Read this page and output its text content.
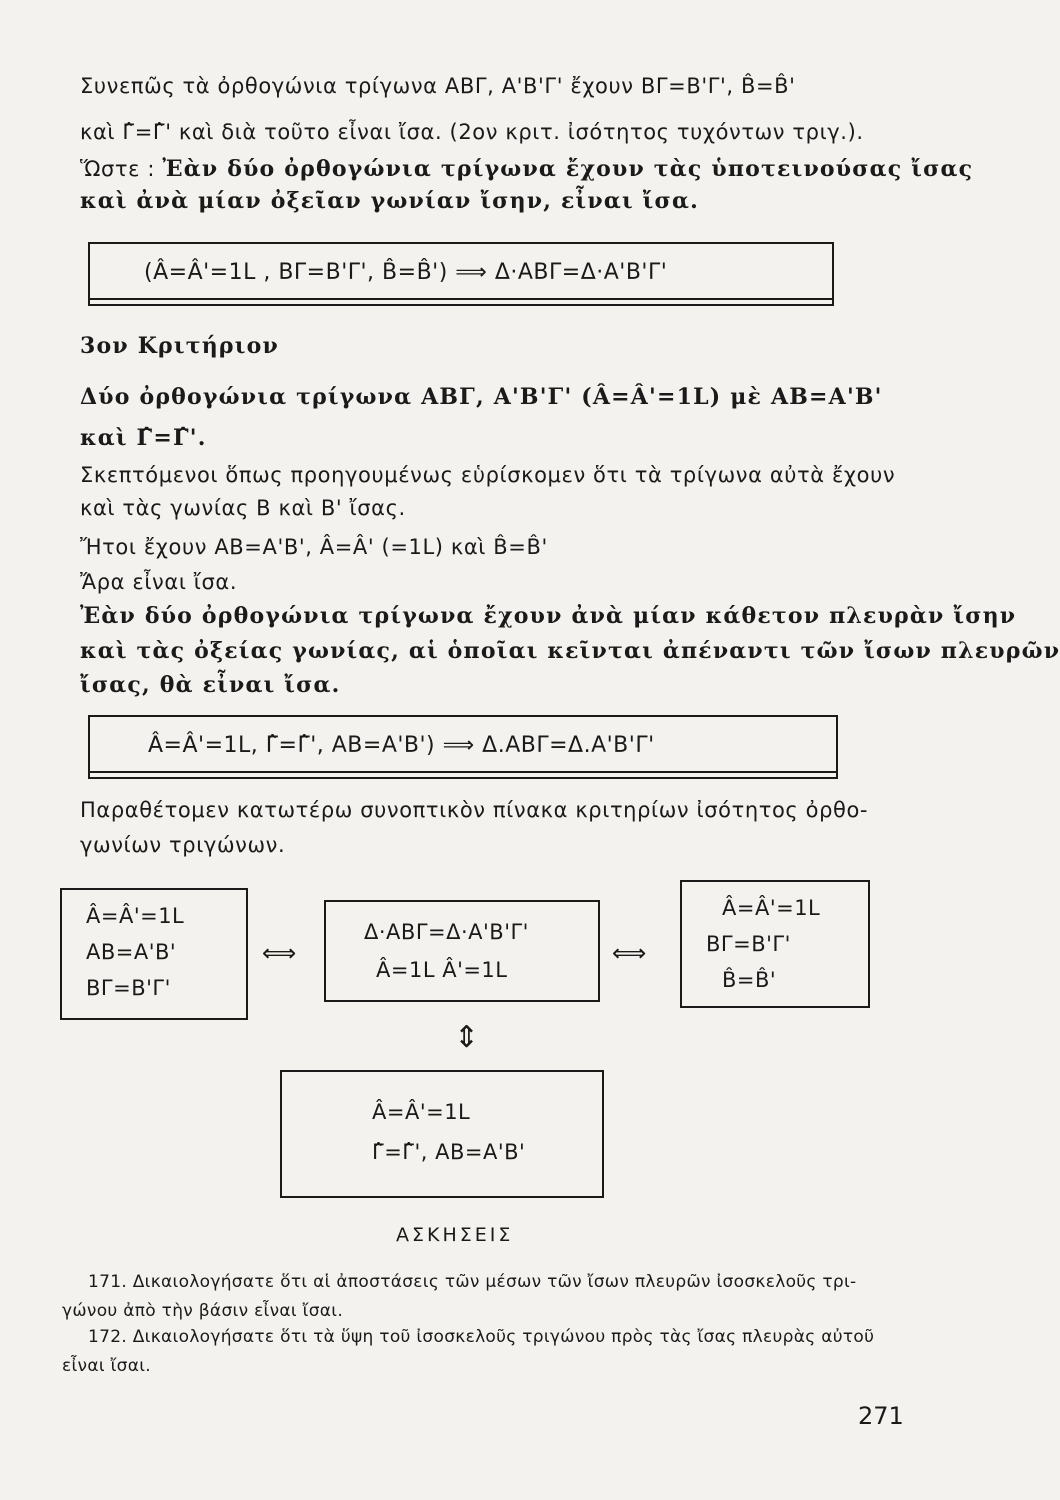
Συνεπῶς τὰ ὀρθογώνια τρίγωνα ΑΒΓ, Α'Β'Γ' ἔχουν ΒΓ=Β'Γ', B̂=B̂'
καὶ Γ̂=Γ̂' καὶ διὰ τοῦτο εἶναι ἴσα. (2ον κριτ. ἰσότητος τυχόντων τριγ.).
Ὥστε : Ἐὰν δύο ὀρθογώνια τρίγωνα ἔχουν τὰς ὑποτεινούσας ἴσας
καὶ ἀνὰ μίαν ὀξεῖαν γωνίαν ἴσην, εἶναι ἴσα.
(Â=Â'=1L , ΒΓ=Β'Γ', B̂=B̂') ⟹ Δ·ΑΒΓ=Δ·Α'Β'Γ'
3ον Κριτήριον
Δύο ὀρθογώνια τρίγωνα ΑΒΓ, Α'Β'Γ' (Â=Â'=1L) μὲ ΑΒ=Α'Β'
καὶ Γ̂=Γ̂'.
Σκεπτόμενοι ὅπως προηγουμένως εὑρίσκομεν ὅτι τὰ τρίγωνα αὐτὰ ἔχουν
καὶ τὰς γωνίας Β καὶ Β' ἴσας.
Ἤτοι ἔχουν ΑΒ=Α'Β', Â=Â' (=1L) καὶ B̂=B̂'
Ἄρα εἶναι ἴσα.
Ἐὰν δύο ὀρθογώνια τρίγωνα ἔχουν ἀνὰ μίαν κάθετον πλευρὰν ἴσην
καὶ τὰς ὀξείας γωνίας, αἱ ὁποῖαι κεῖνται ἀπέναντι τῶν ἴσων πλευρῶν
ἴσας, θὰ εἶναι ἴσα.
Â=Â'=1L, Γ̂=Γ̂', ΑΒ=Α'Β') ⟹ Δ.ΑΒΓ=Δ.Α'Β'Γ'
Παραθέτομεν κατωτέρω συνοπτικὸν πίνακα κριτηρίων ἰσότητος ὀρθο-
γωνίων τριγώνων.
Â=Â'=1L
ΑΒ=Α'Β'
ΒΓ=Β'Γ'
⟺
Δ·ΑΒΓ=Δ·Α'Β'Γ'
Â=1L Â'=1L
⟺
Â=Â'=1L
ΒΓ=Β'Γ'
B̂=B̂'
⇕
Â=Â'=1L
Γ̂=Γ̂', ΑΒ=Α'Β'
ΑΣΚΗΣΕΙΣ
171. Δικαιολογήσατε ὅτι αἱ ἀποστάσεις τῶν μέσων τῶν ἴσων πλευρῶν ἰσοσκελοῦς τρι-
γώνου ἀπὸ τὴν βάσιν εἶναι ἴσαι.
172. Δικαιολογήσατε ὅτι τὰ ὕψη τοῦ ἰσοσκελοῦς τριγώνου πρὸς τὰς ἴσας πλευρὰς αὐτοῦ
εἶναι ἴσαι.
271
